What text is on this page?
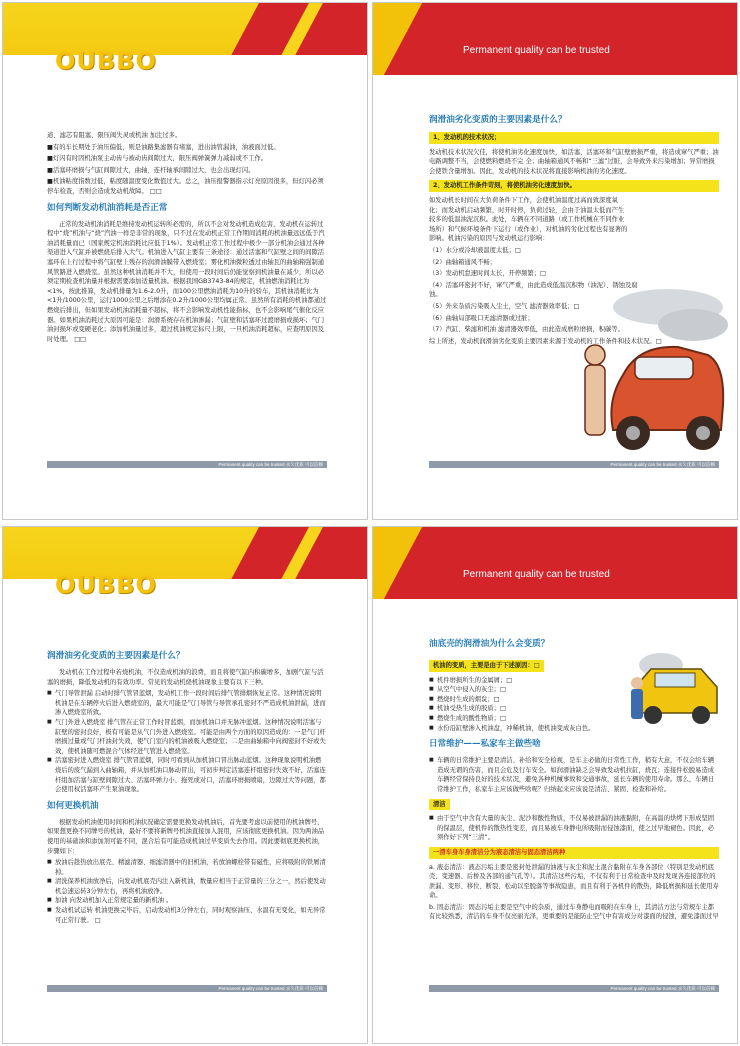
OUBBO

道、滤芯有阻塞、限压阀失灵或机油 加注过多。

■有的车长期处于油压偏低，则是油路集滤器有堵塞，进出油管漏油，油液面过低。

■灯闪有时因机油泵主动齿与被动齿间隙过大，限压阀弹簧弹力减弱或不工作。

■活塞环磨损与气缸间隙过大，曲轴、连杆轴承间隙过大，也会出现灯闪。

■机油粘度指数过低，粘度随温度变化数值过大。总之，油压报警器指示灯亮原因很多，但灯闪必须停车检查，否则会造成发动机故障。 □□

如何判断发动机油消耗是否正常

正常的发动机油消耗是维持发动机运转所必需的，所以不会对发动机造成危害，发动机在运转过程中“烧”机油与“烧”汽油一样是非常的现象，只不过在发动机正常工作期间消耗的机油量远远低于汽油消耗量而已（国家规定机油消耗比应低于1%）。发动机正常工作过程中极少一部分机油会通过各种渠道进入气缸并被燃烧后排入大气。机油进入气缸主要有三条途径：通过活塞和气缸壁之间的间隙活塞环在上行过程中将气缸壁上残存的润滑油膜带入燃烧室；雾化机油微粒透过由轴瓦的曲轴箱强制通风管路进入燃烧室。虽然这种机油消耗并不大，但使用一段时间后仍能觉察到机油量在减少，所以必须定期检查机油量并根据需要添加适量机油。根据我国GB3743-84的规定，机油燃油消耗比为<1%，按此推算，发动机排量为1.6-2.0升，而100公里燃油消耗为10升的轿车，其机油消耗比为<1升/1000公里，运行1000公里之后增添在0.2升/1000公里均属正常。虽然所有消耗的机油都通过燃烧后排出，但如果发动机油消耗量不超标，将不会影响发动机性能指标，也不会影响尾气催化反应器。如果机油消耗过大原因可能是：润滑系统存在机油渗漏；气缸壁和活塞环过渡磨损或损坏；气门油封损坏或变硬老化；添加机油量过多，超过机油规定标尺上限，一旦机油消耗超标，应查明原因及时处理。 □□

Permanent quality can be trusted 永久优质 可以信赖
Permanent quality can be trusted
润滑油劣化变质的主要因素是什么？
1、发动机的技术状况；

发动机技术状况欠佳，将使机油劣化速度加快，如活塞、活塞环和气缸壁磨损严重，将造成窜气严重；油电路调整不当，会使燃料燃烧不完 全；曲轴箱通风不畅和“三滤”过脏，会导致外来污染增加；异常磨损会使铁含量增加。因此，发动机的技术状况将直接影响机油的劣化速度。

2、发动机工作条件苛刻，将使机油劣化速度加快。

如发动机长时间在大负荷条件下工作，会使机油温度过高而致深度氧化；而发动机启动频繁，时开时停，负荷过轻，会由于油温太低而产生 较多的低温油泥沉积。此处，车辆在不同道路（或工作机械在不同作业场所）和气候环境条件下运行（或作业），对机油的劣化过程也有显著的影响。机油污染的原因与发动机运行影响：

（1）水分或冷却液温度太低；□

（2）曲轴箱通风不畅；

（3）发动机怠速时间太长，开停频繁；□

（4）活塞环密封不好，窜气严重，由此造成低温沉积物（油泥）、锈蚀及腐蚀。

（5）外来杂质污染吸入尘土，空气 滤清器效率低；□

（6）曲轴局部吸口无滤清器或过脏；

（7）汽缸、柴滤和机油 滤清器效率低，由此造成磨粒磨损，积碳等。

综上所述，发动机润滑油劣化变质主要因素来源于发动机的工作条件和技术状况。□

Permanent quality can be trusted 永久优质 可以信赖
OUBBO
润滑油劣化变质的主要因素是什么？

发动机在工作过程中若烧机油，不仅造成机油的浪费，而且将使气缸内积碳增多，加剧气缸与活塞的磨损，降低发动机的有效功率。常见的发动机烧机油现象主要有以下三种。

■ 气门导管泄漏 启动时排气管冒蓝烟，发动机工作一段时间后排气管排烟恢复正常。这种情况说明机油是在车辆停火后进入燃烧室的，最大可能是气门导管与导管承孔密封不严造成机油泄漏，进而渗入燃烧室所致。
■ 气门外进入燃烧室 排气管在正常工作时冒蓝烟，而加机油口并无脉冲蓝烟。这种情况说明活塞与缸壁的密封良好，极有可能是从气门外进入燃烧室。可能是由两个方面的原因造成的：一是气门杆磨损过量或气门杆油封失效，使气门室内的机油被吸入燃烧室；二是由曲轴箱中向阀密封不好或失效，使机油随可燃混合气体经进气管进入燃烧室。
■ 活塞密封进入燃烧室 排气管冒蓝烟，同时可看到从加机油口冒出脉动蓝烟。这种现象说明机油燃烧后的废气漏到入曲轴箱，并从加机油口脉动冒出，可初步判定活塞连杆组密封失效不好，活塞连杆组加活塞与缸壁间隙过大、活塞环弹力小、拖死或对口，活塞环磨损喷扇，边隙过大等问题，都会使用权活塞环产生泵油现象。
如何更换机油

根据发动机油使用时间和机油状况确定需要更换发动机油后，首先要考虑以前使用的机油牌号，如果想更换不同牌号的机油，最好不要将新牌号机油直接加入混用，应该彻底更换机油。因为两油品使用的基础油和添加剂可能不同，混合后有可能造成机油过早变质失去作用。因此要彻底更换机油，步骤如下：

■ 放油后趁热放出底壳、精滤清器、细滤清器中的旧机油，若放油螺栓带有磁性，应将吸附的铁屑清掉。
■ 清洗保养机油放净后，向发动机底壳内注入新机油，数量应相当于正常量的三分之一，然后使发动机急速运转3分钟左右，再将机油放净。
■ 加油 向发动机加入正常规定量的新机油 。
■ 发动机试运转 机油更换完毕后，启动发动机3分钟左右，同时观察油压、水温有无变化，如无异常可正常行驶。 □
Permanent quality can be trusted 永久优质 可以信赖
Permanent quality can be trusted
油底壳的润滑油为什么会变质？
机油的变质，主要是由于下述原因：□
■ 机件磨损所生的金属屑；□
■ 从空气中侵入的灰尘；□
■ 燃烧时生成的烟炱；□
■ 机油受热生成的胶质；□
■ 燃烧生成的酸性物质；□
■ 水份沿缸壁渗入机油盘，冲稀机油，使机油变成灰白色。
日常维护——私家车主做些啥
■ 车辆的日常维护主要是清洁、补给和安全检视，是车主必做的日常性工作，稍有大意，不仅会给车辆造成无谓的伤害，而且会危及行车安全。如润滑油缺乏会导致发动机拉缸，烧瓦；连接件松脱易造成车辆经常保持良好的技术状况，避免各种机械事故和交通事故，延长车辆的使用寿命。那么，车辆日常维护工作，私家车主应该做些啥呢？归纳起来应该说是清洁、紧固、检查和补给。
清洁
■ 由于空气中含有大量的灰尘、泥沙和酸性物质，不仅易被泄漏的油液黏附，在高温的烘烤下形成坚固的保温层，使机件的散热性变差，而且易被车身静电所吸附而侵蚀漆面，使之过早地褪色。因此，必须作好下列“三清”。
一清车身车身清洁分为液态清洁与固态清洁两种

a. 液态清洁：液态污垢主要是密封处泄漏的油液与灰尘和泥土混合黏附在车身各部位（特别是发动机底壳、变速器、后桥及各部的通气孔等）。其清洁这些污垢，不仅有利于日常检查中及时发现各连接部位的泄漏、变形、移位、断裂、松动以至脱落等事故隐患，而且有利于各机件的散热，降低磨损和延长使用寿命。

b. 固态清洁：固态污垢主要是空气中的杂质，通过车身静电而吸附在车身上，其清洁方法与常规车主都有比较熟悉，清洁的车身不仅亮丽光泽，更重要的是能防止空气中有害成分对漆面的侵蚀，避免漆面过早

Permanent quality can be trusted 永久优质 可以信赖
